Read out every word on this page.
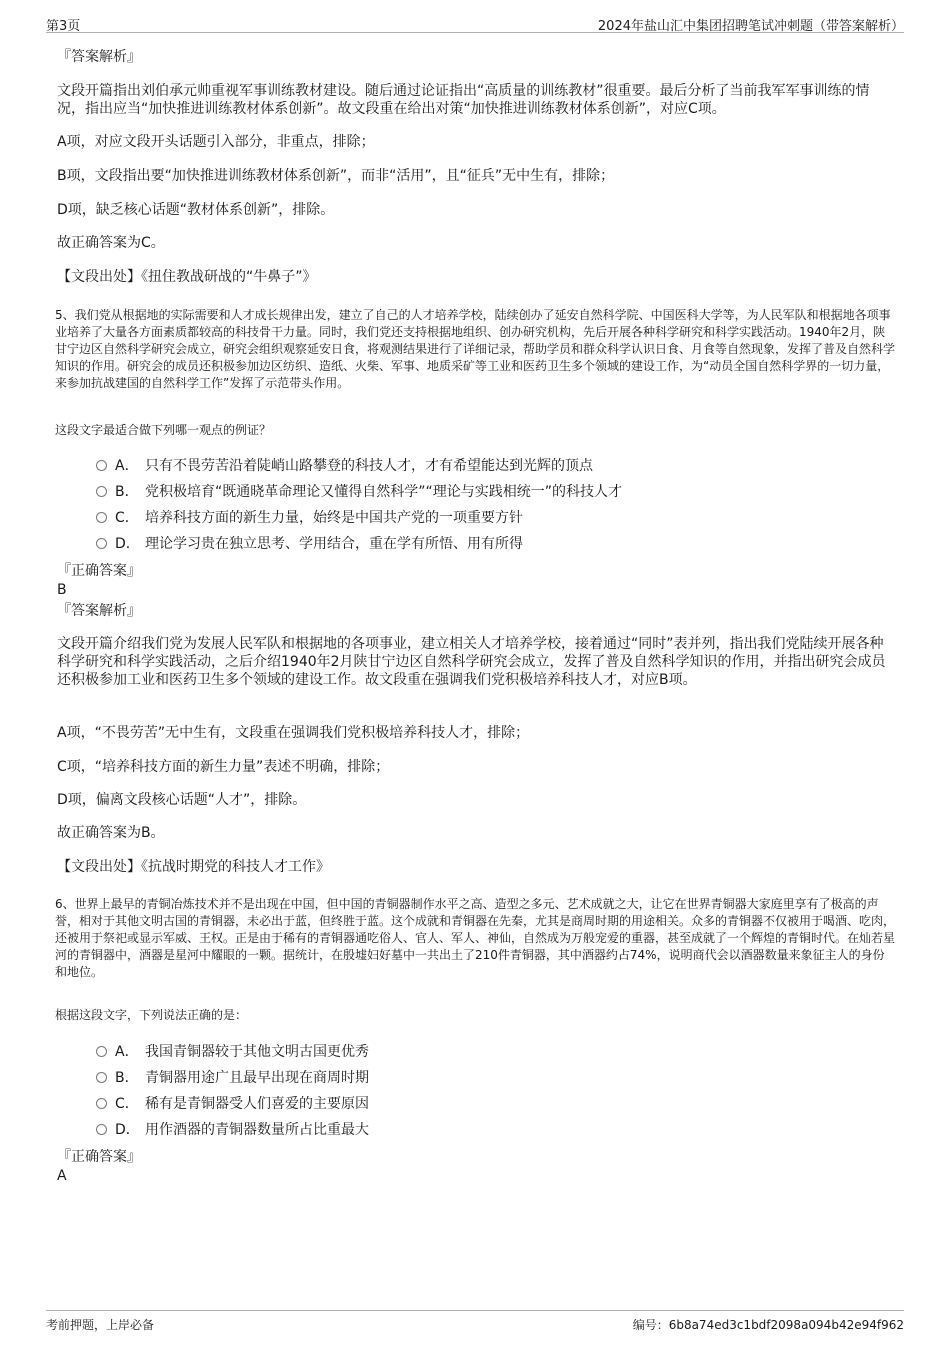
第3页	2024年盐山汇中集团招聘笔试冲刺题（带答案解析）

『答案解析』

文段开篇指出刘伯承元帅重视军事训练教材建设。随后通过论证指出“高质量的训练教材”很重要。最后分析了当前我军军事训练的情况，指出应当“加快推进训练教材体系创新”。故文段重在给出对策“加快推进训练教材体系创新”，对应C项。

A项，对应文段开头话题引入部分，非重点，排除；

B项，文段指出要“加快推进训练教材体系创新”，而非“活用”，且“征兵”无中生有，排除；

D项，缺乏核心话题“教材体系创新”，排除。

故正确答案为C。

【文段出处】《扭住教战研战的“牛鼻子”》

5、我们党从根据地的实际需要和人才成长规律出发，建立了自己的人才培养学校，陆续创办了延安自然科学院、中国医科大学等，为人民军队和根据地各项事业培养了大量各方面素质都较高的科技骨干力量。同时，我们党还支持根据地组织、创办研究机构，先后开展各种科学研究和科学实践活动。1940年2月，陕甘宁边区自然科学研究会成立，研究会组织观察延安日食，将观测结果进行了详细记录，帮助学员和群众科学认识日食、月食等自然现象，发挥了普及自然科学知识的作用。研究会的成员还积极参加边区纺织、造纸、火柴、军事、地质采矿等工业和医药卫生多个领域的建设工作，为“动员全国自然科学界的一切力量，来参加抗战建国的自然科学工作”发挥了示范带头作用。

这段文字最适合做下列哪一观点的例证？

A． 只有不畏劳苦沿着陡峭山路攀登的科技人才，才有希望能达到光辉的顶点
B． 党积极培育“既通晓革命理论又懂得自然科学”“理论与实践相统一”的科技人才
C． 培养科技方面的新生力量，始终是中国共产党的一项重要方针
D． 理论学习贵在独立思考、学用结合，重在学有所悟、用有所得

『正确答案』

B

『答案解析』

文段开篇介绍我们党为发展人民军队和根据地的各项事业，建立相关人才培养学校，接着通过“同时”表并列，指出我们党陆续开展各种科学研究和科学实践活动，之后介绍1940年2月陕甘宁边区自然科学研究会成立，发挥了普及自然科学知识的作用，并指出研究会成员还积极参加工业和医药卫生多个领域的建设工作。故文段重在强调我们党积极培养科技人才，对应B项。

A项，“不畏劳苦”无中生有，文段重在强调我们党积极培养科技人才，排除；

C项，“培养科技方面的新生力量”表述不明确，排除；

D项，偏离文段核心话题“人才”，排除。

故正确答案为B。

【文段出处】《抗战时期党的科技人才工作》

6、世界上最早的青铜冶炼技术并不是出现在中国，但中国的青铜器制作水平之高、造型之多元、艺术成就之大，让它在世界青铜器大家庭里享有了极高的声誉，相对于其他文明古国的青铜器，未必出于蓝，但终胜于蓝。这个成就和青铜器在先秦，尤其是商周时期的用途相关。众多的青铜器不仅被用于喝酒、吃肉，还被用于祭祀或显示军威、王权。正是由于稀有的青铜器通吃俗人、官人、军人、神仙，自然成为万般宠爱的重器，甚至成就了一个辉煌的青铜时代。在灿若星河的青铜器中，酒器是星河中耀眼的一颗。据统计，在殷墟妇好墓中一共出土了210件青铜器，其中酒器约占74%，说明商代会以酒器数量来象征主人的身份和地位。

根据这段文字，下列说法正确的是：

A． 我国青铜器较于其他文明古国更优秀
B． 青铜器用途广且最早出现在商周时期
C． 稀有是青铜器受人们喜爱的主要原因
D． 用作酒器的青铜器数量所占比重最大

『正确答案』

A

考前押题，上岸必备	编号：6b8a74ed3c1bdf2098a094b42e94f962
